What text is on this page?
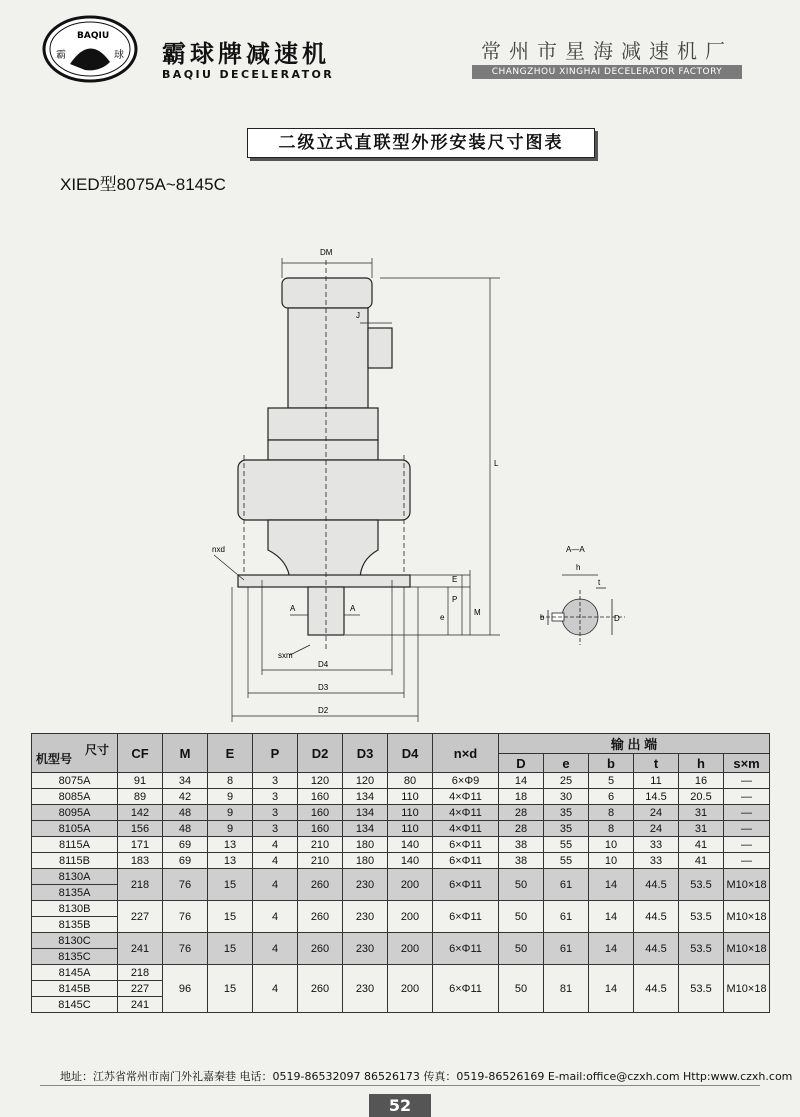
霸
BAQIU
球 霸球牌减速机
BAQIU DECELERATOR
常州市星海减速机厂
CHANGZHOU XINGHAI DECELERATOR FACTORY
二级立式直联型外形安装尺寸图表
XIED型8075A~8145C
DM
J
L
nxd
P
E
M
e
A	A
sxm
D4
D3
D2
A—A
h
t
b	D
尺寸
机型号	CF	M	E	P	D2	D3	D4	n×d	输 出 端					
									D	e	b	t	h	s×m
8075A	91	34	8	3	120	120	80	6×Φ9	14	25	5	11	16	—
8085A	89	42	9	3	160	134	110	4×Φ11	18	30	6	14.5	20.5	—
8095A	142	48	9	3	160	134	110	4×Φ11	28	35	8	24	31	—
8105A	156	48	9	3	160	134	110	4×Φ11	28	35	8	24	31	—
8115A	171	69	13	4	210	180	140	6×Φ11	38	55	10	33	41	—
8115B	183	69	13	4	210	180	140	6×Φ11	38	55	10	33	41	—
8130A	218	76	15	4	260	230	200	6×Φ11	50	61	14	44.5	53.5	M10×18
8135A														
8130B	227	76	15	4	260	230	200	6×Φ11	50	61	14	44.5	53.5	M10×18
8135B														
8130C	241	76	15	4	260	230	200	6×Φ11	50	61	14	44.5	53.5	M10×18
8135C														
8145A	218	96	15	4	260	230	200	6×Φ11	50	81	14	44.5	53.5	M10×18
8145B	227													
8145C	241													
地址：江苏省常州市南门外礼嘉秦巷 电话：0519-86532097 86526173 传真：0519-86526169 E-mail:office@czxh.com Http:www.czxh.com
52
